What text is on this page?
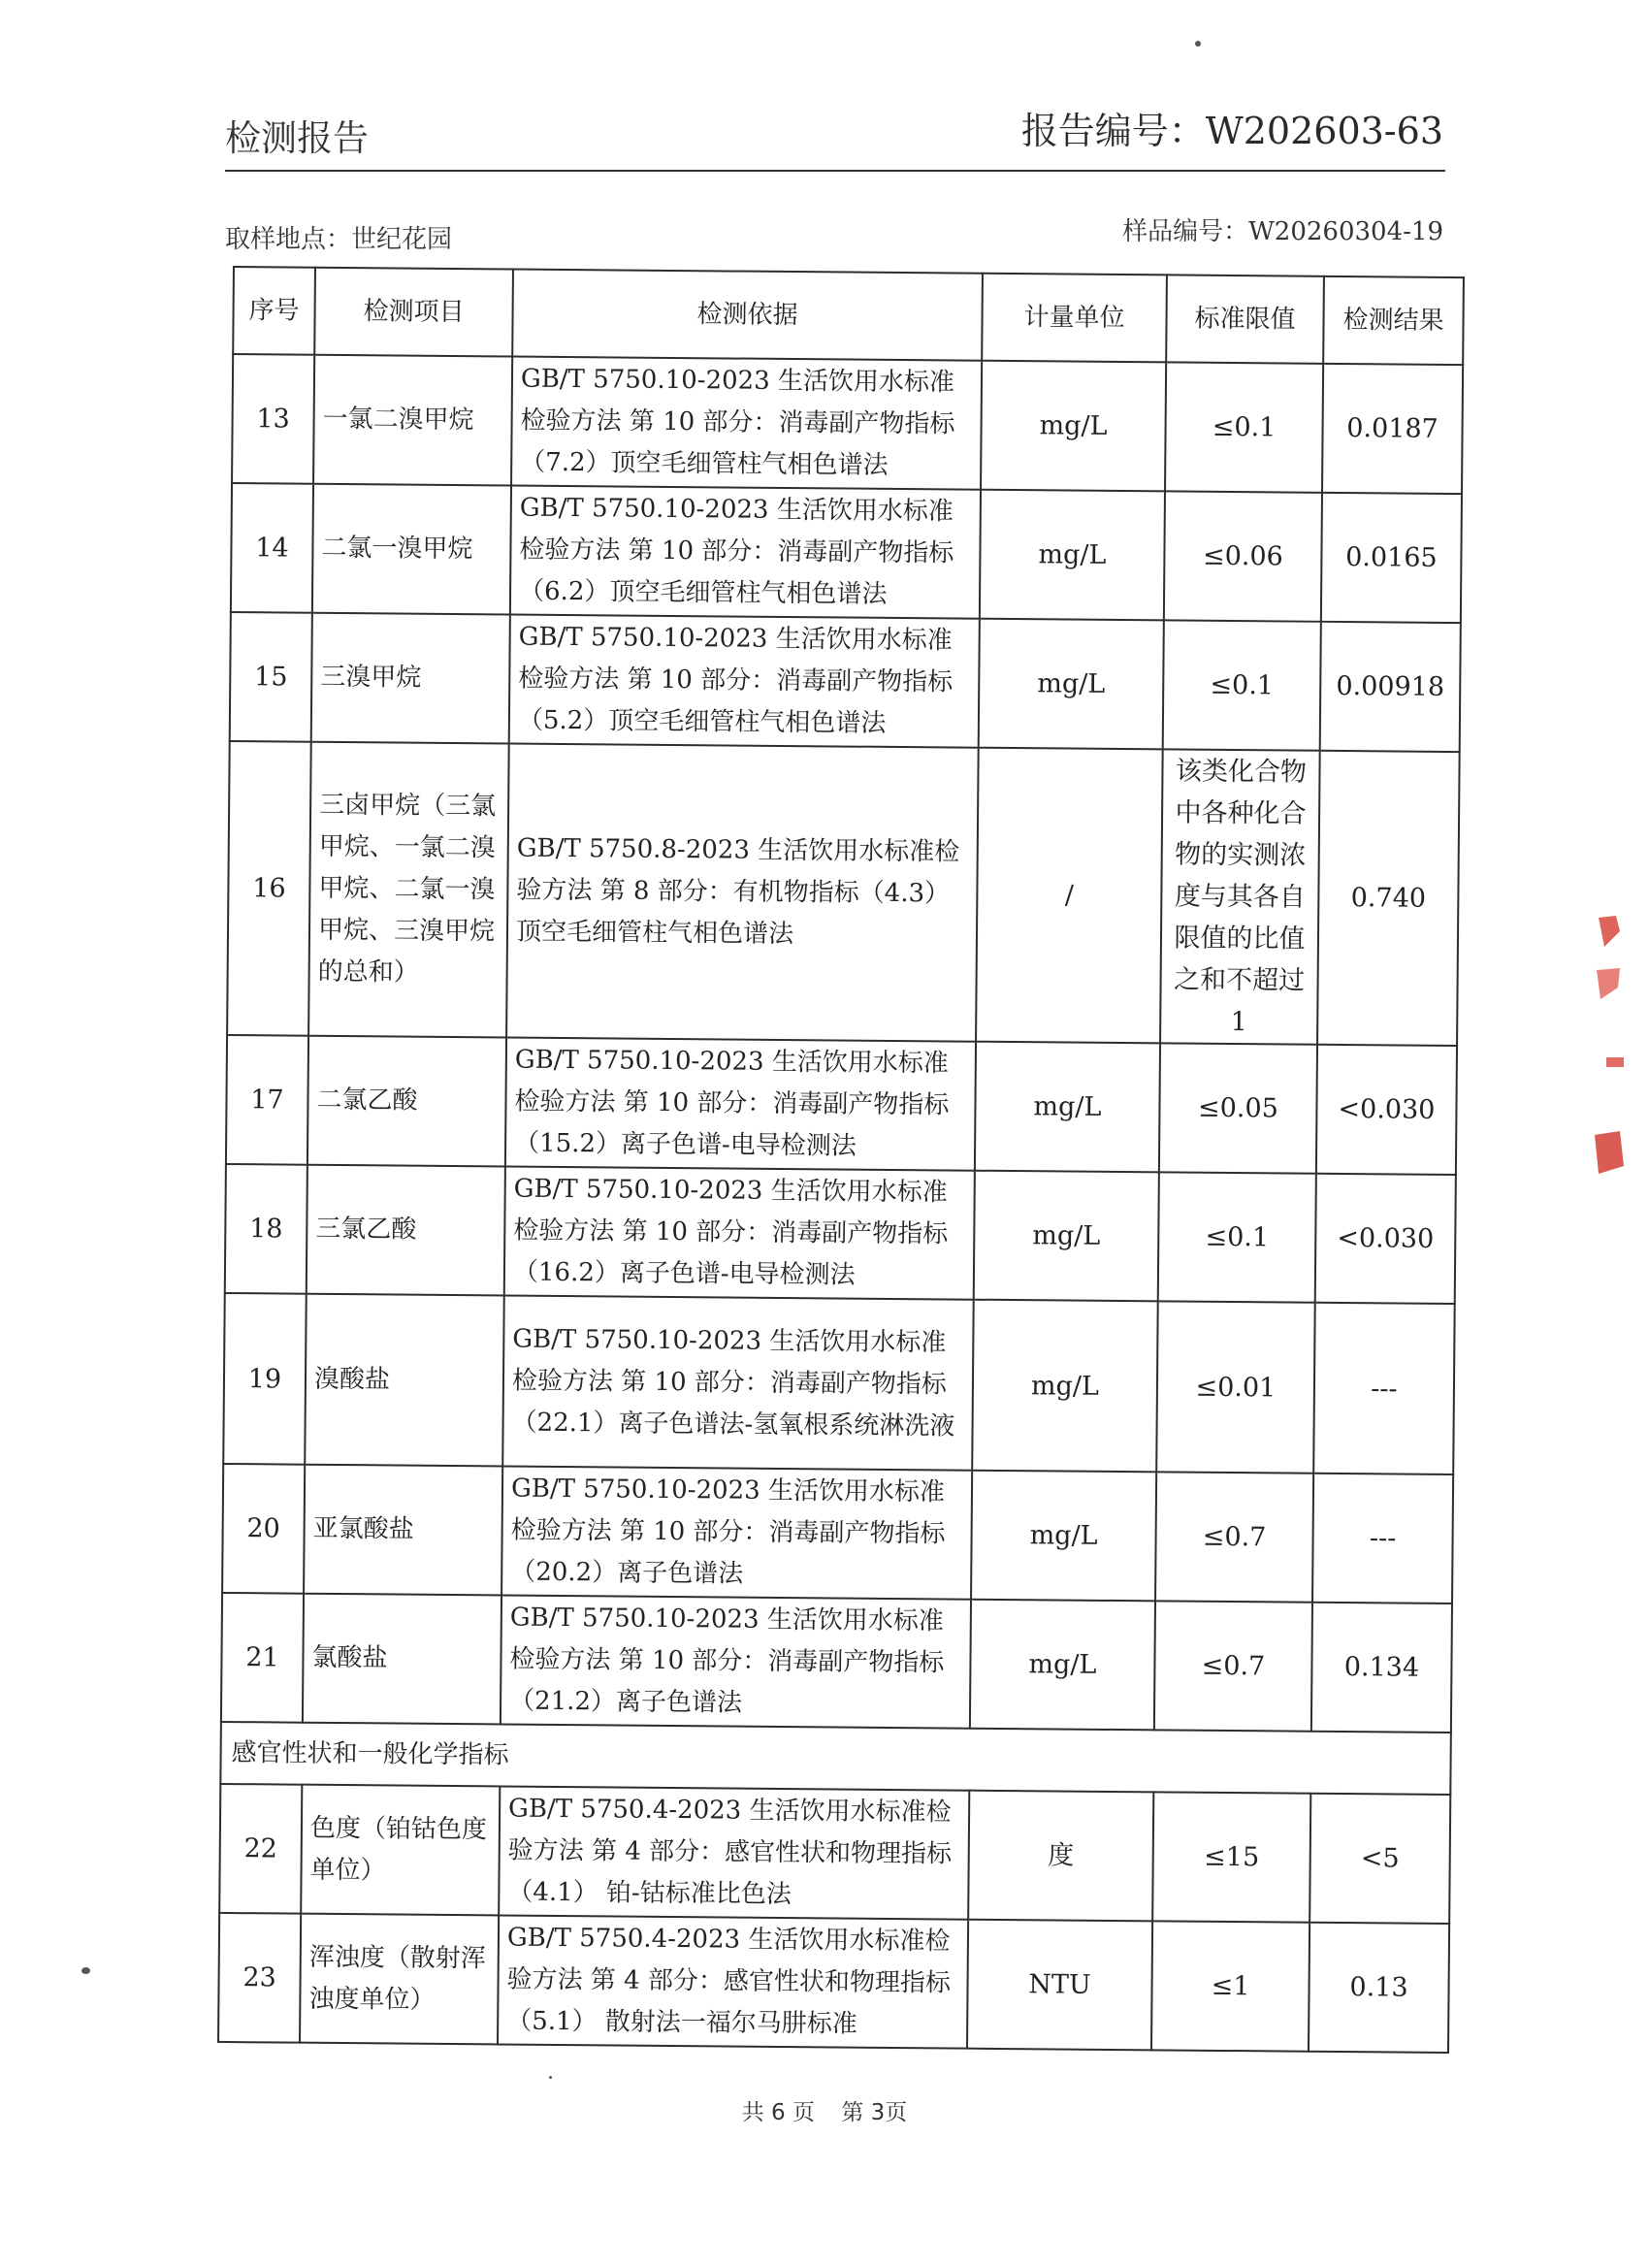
检测报告	报告编号：W202603-63
取样地点：世纪花园	样品编号：W20260304-19
序号	检测项目	检测依据	计量单位	标准限值	检测结果
13	一氯二溴甲烷	GB/T 5750.10-2023 生活饮用水标准检验方法 第 10 部分：消毒副产物指标（7.2）顶空毛细管柱气相色谱法	mg/L	≤0.1	0.0187
14	二氯一溴甲烷	GB/T 5750.10-2023 生活饮用水标准检验方法 第 10 部分：消毒副产物指标（6.2）顶空毛细管柱气相色谱法	mg/L	≤0.06	0.0165
15	三溴甲烷	GB/T 5750.10-2023 生活饮用水标准检验方法 第 10 部分：消毒副产物指标（5.2）顶空毛细管柱气相色谱法	mg/L	≤0.1	0.00918
16	三卤甲烷（三氯甲烷、一氯二溴甲烷、二氯一溴甲烷、三溴甲烷的总和）	GB/T 5750.8-2023 生活饮用水标准检验方法 第 8 部分：有机物指标（4.3）顶空毛细管柱气相色谱法	/	该类化合物中各种化合物的实测浓度与其各自限值的比值之和不超过1	0.740
17	二氯乙酸	GB/T 5750.10-2023 生活饮用水标准检验方法 第 10 部分：消毒副产物指标（15.2）离子色谱-电导检测法	mg/L	≤0.05	<0.030
18	三氯乙酸	GB/T 5750.10-2023 生活饮用水标准检验方法 第 10 部分：消毒副产物指标（16.2）离子色谱-电导检测法	mg/L	≤0.1	<0.030
19	溴酸盐	GB/T 5750.10-2023 生活饮用水标准检验方法 第 10 部分：消毒副产物指标（22.1）离子色谱法-氢氧根系统淋洗液	mg/L	≤0.01	---
20	亚氯酸盐	GB/T 5750.10-2023 生活饮用水标准检验方法 第 10 部分：消毒副产物指标（20.2）离子色谱法	mg/L	≤0.7	---
21	氯酸盐	GB/T 5750.10-2023 生活饮用水标准检验方法 第 10 部分：消毒副产物指标（21.2）离子色谱法	mg/L	≤0.7	0.134
感官性状和一般化学指标					
22	色度（铂钴色度单位）	GB/T 5750.4-2023 生活饮用水标准检验方法 第 4 部分：感官性状和物理指标（4.1） 铂-钴标准比色法	度	≤15	<5
23	浑浊度（散射浑浊度单位）	GB/T 5750.4-2023 生活饮用水标准检验方法 第 4 部分：感官性状和物理指标（5.1） 散射法一福尔马肼标准	NTU	≤1	0.13
共 6 页 第 3页
